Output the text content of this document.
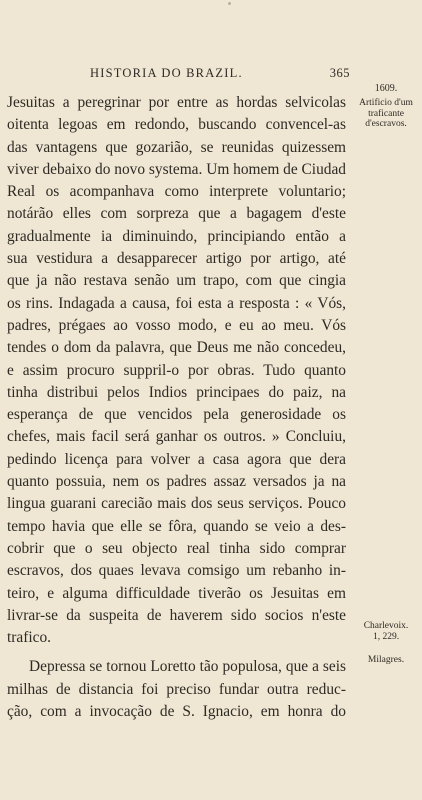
HISTORIA DO BRAZIL.	365
1609.
Artificio d'um
traficante
d'escravos.
Charlevoix.
1, 229.
Milagres.
Jesuitas a peregrinar por entre as hordas selvicolas
oitenta legoas em redondo, buscando convencel-as
das vantagens que gozarião, se reunidas quizessem
viver debaixo do novo systema. Um homem de Ciudad
Real os acompanhava como interprete voluntario;
notárão elles com sorpreza que a bagagem d'este
gradualmente ia diminuindo, principiando então a
sua vestidura a desapparecer artigo por artigo, até
que ja não restava senão um trapo, com que cingia
os rins. Indagada a causa, foi esta a resposta : « Vós,
padres, prégaes ao vosso modo, e eu ao meu. Vós
tendes o dom da palavra, que Deus me não concedeu,
e assim procuro suppril-o por obras. Tudo quanto
tinha distribui pelos Indios principaes do paiz, na
esperança de que vencidos pela generosidade os
chefes, mais facil será ganhar os outros. » Concluiu,
pedindo licença para volver a casa agora que dera
quanto possuia, nem os padres assaz versados ja na
lingua guarani carecião mais dos seus serviços. Pouco
tempo havia que elle se fôra, quando se veio a des-
cobrir que o seu objecto real tinha sido comprar
escravos, dos quaes levava comsigo um rebanho in-
teiro, e alguma difficuldade tiverão os Jesuitas em
livrar-se da suspeita de haverem sido socios n'este
trafico.
Depressa se tornou Loretto tão populosa, que a seis
milhas de distancia foi preciso fundar outra reduc-
ção, com a invocação de S. Ignacio, em honra do
